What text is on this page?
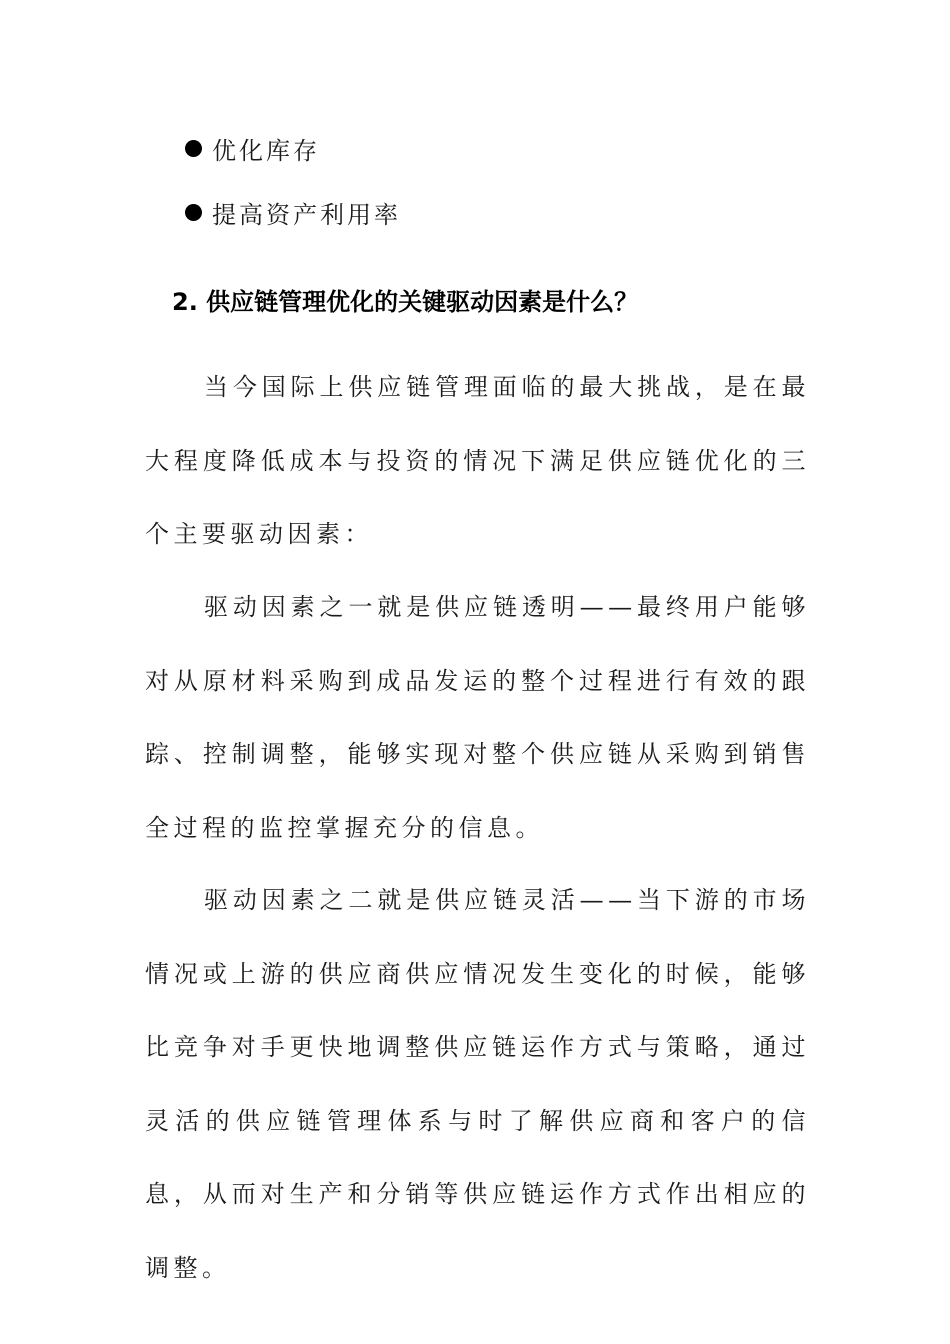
优化库存
提高资产利用率
2. 供应链管理优化的关键驱动因素是什么？

当今国际上供应链管理面临的最大挑战，是在最大程度降低成本与投资的情况下满足供应链优化的三个主要驱动因素：

驱动因素之一就是供应链透明——最终用户能够对从原材料采购到成品发运的整个过程进行有效的跟踪、控制调整，能够实现对整个供应链从采购到销售全过程的监控掌握充分的信息。

驱动因素之二就是供应链灵活——当下游的市场情况或上游的供应商供应情况发生变化的时候，能够比竞争对手更快地调整供应链运作方式与策略，通过灵活的供应链管理体系与时了解供应商和客户的信息，从而对生产和分销等供应链运作方式作出相应的调整。
